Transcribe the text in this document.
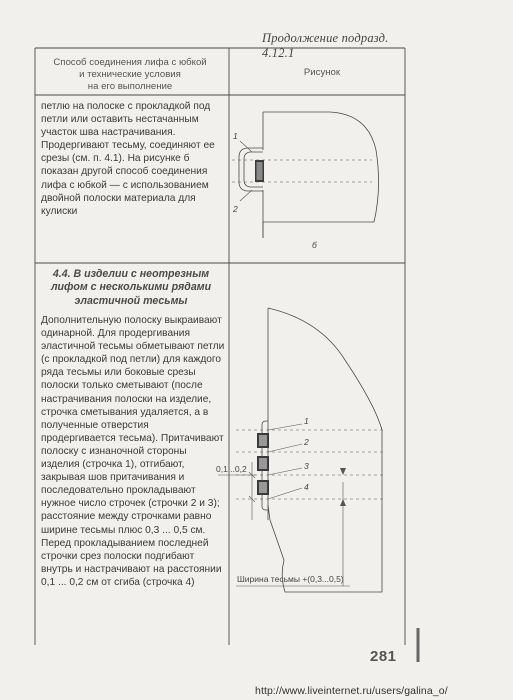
Продолжение подразд. 4.12.1
1
2
б
1
2
3
4
0,1...0,2
Ширина тесьмы +(0,3...0,5)
Способ соединения лифа с юбкой
и технические условия
на его выполнение
Рисунок
петлю на полоске с прокладкой под петли или оставить нестачанным участок шва настрачивания. Продергивают тесьму, соединяют ее срезы (см. п. 4.1). На рисунке б показан другой способ соединения лифа с юбкой — с использованием двойной полоски материала для кулиски
4.4. В изделии с неотрезным лифом с несколькими рядами эластичной тесьмы
Дополнительную полоску выкраивают одинарной. Для продергивания эластичной тесьмы обметывают петли (с прокладкой под петли) для каждого ряда тесьмы или боковые срезы полоски только сметывают (после настрачивания полоски на изделие, строчка сметывания удаляется, а в полученные отверстия продергивается тесьма). Притачивают полоску с изнаночной стороны изделия (строчка 1), отгибают, закрывая шов притачивания и последовательно прокладывают нужное число строчек (строчки 2 и 3); расстояние между строчками равно ширине тесьмы плюс 0,3 ... 0,5 см. Перед прокладыванием последней строчки срез полоски подгибают внутрь и настрачивают на расстоянии 0,1 ... 0,2 см от сгиба (строчка 4)
281
http://www.liveinternet.ru/users/galina_o/
